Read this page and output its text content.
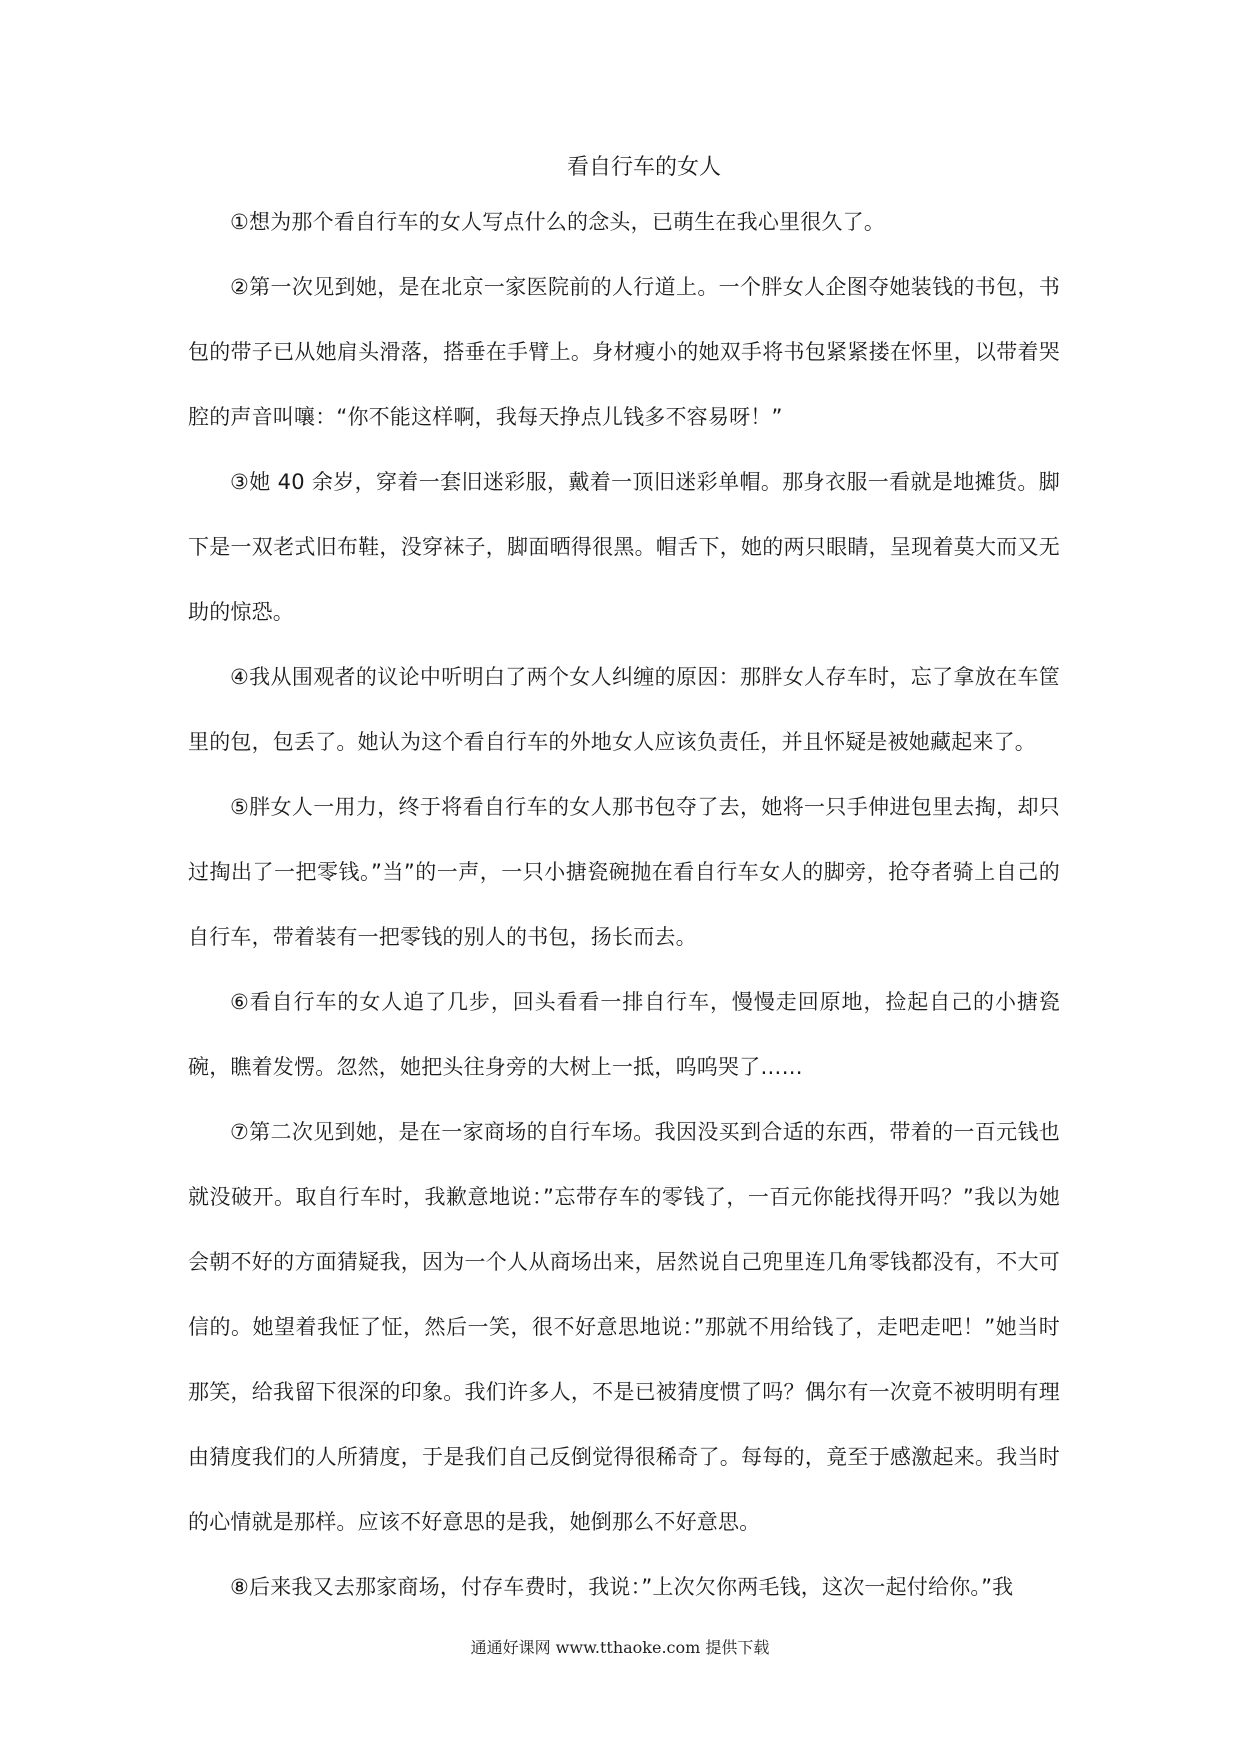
看自行车的女人

①想为那个看自行车的女人写点什么的念头，已萌生在我心里很久了。

②第一次见到她，是在北京一家医院前的人行道上。一个胖女人企图夺她装钱的书包，书包的带子已从她肩头滑落，搭垂在手臂上。身材瘦小的她双手将书包紧紧搂在怀里，以带着哭腔的声音叫嚷：“你不能这样啊，我每天挣点儿钱多不容易呀！”

③她 40 余岁，穿着一套旧迷彩服，戴着一顶旧迷彩单帽。那身衣服一看就是地摊货。脚下是一双老式旧布鞋，没穿袜子，脚面晒得很黑。帽舌下，她的两只眼睛，呈现着莫大而又无助的惊恐。

④我从围观者的议论中听明白了两个女人纠缠的原因：那胖女人存车时，忘了拿放在车筐里的包，包丢了。她认为这个看自行车的外地女人应该负责任，并且怀疑是被她藏起来了。

⑤胖女人一用力，终于将看自行车的女人那书包夺了去，她将一只手伸进包里去掏，却只过掏出了一把零钱。”当”的一声，一只小搪瓷碗抛在看自行车女人的脚旁，抢夺者骑上自己的自行车，带着装有一把零钱的别人的书包，扬长而去。

⑥看自行车的女人追了几步，回头看看一排自行车，慢慢走回原地，捡起自己的小搪瓷碗，瞧着发愣。忽然，她把头往身旁的大树上一抵，呜呜哭了……

⑦第二次见到她，是在一家商场的自行车场。我因没买到合适的东西，带着的一百元钱也就没破开。取自行车时，我歉意地说：”忘带存车的零钱了，一百元你能找得开吗？”我以为她会朝不好的方面猜疑我，因为一个人从商场出来，居然说自己兜里连几角零钱都没有，不大可信的。她望着我怔了怔，然后一笑，很不好意思地说：”那就不用给钱了，走吧走吧！”她当时那笑，给我留下很深的印象。我们许多人，不是已被猜度惯了吗？偶尔有一次竟不被明明有理由猜度我们的人所猜度，于是我们自己反倒觉得很稀奇了。每每的，竟至于感激起来。我当时的心情就是那样。应该不好意思的是我，她倒那么不好意思。

⑧后来我又去那家商场，付存车费时，我说：”上次欠你两毛钱，这次一起付给你。”我

通通好课网 www.tthaoke.com 提供下载
